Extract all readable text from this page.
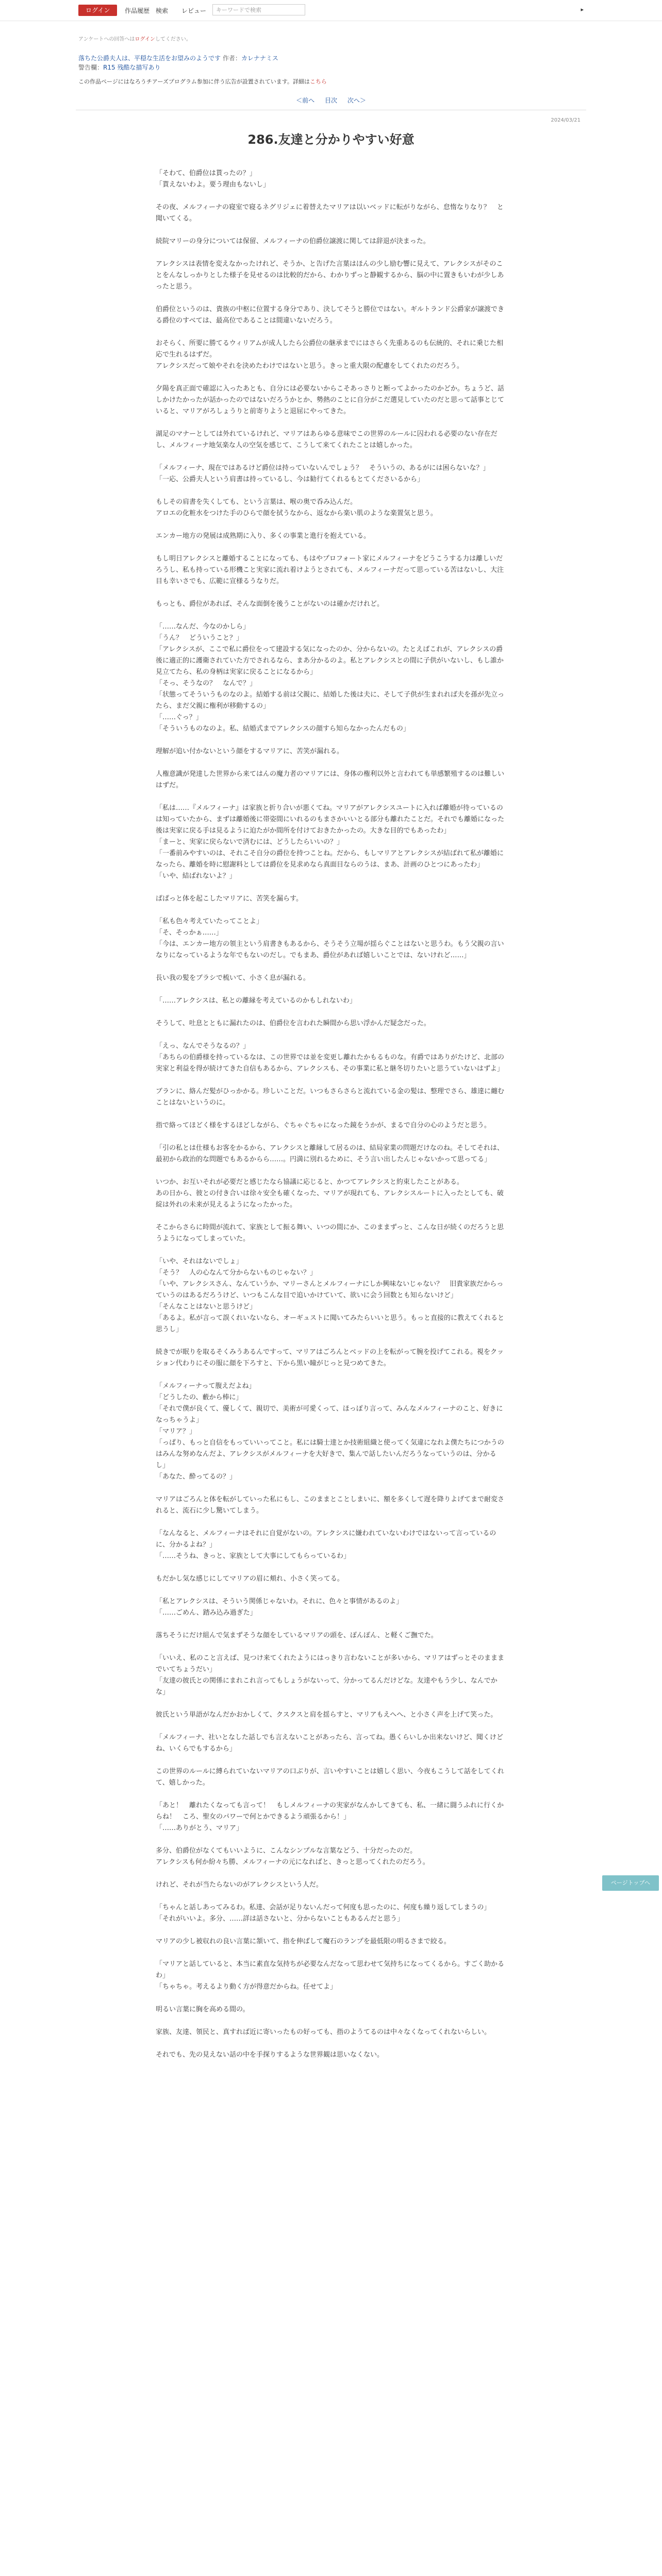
ログイン	作品履歴 検索 レビュー	キーワードで検索	▸
アンケートへの回答へはログインしてください。
落ちた公爵夫人は、平穏な生活をお望みのようです 作者：カレナナミス
警告欄：R15 残酷な描写あり
この作品ページにはなろうチアーズプログラム参加に伴う広告が設置されています。詳細はこちら
＜前へ 目次 次へ＞
2024/03/21
286.友達と分かりやすい好意

「そわて、伯爵位は貰ったの？」
「貰えないわよ。要う理由もないし」

その夜、メルフィーナの寝室で寝るネグリジェに着替えたマリアは以いベッドに転がりながら、怠惰なりなり？　と聞いてくる。

続院マリーの身分については保留、メルフィーナの伯爵位譲渡に関しては辞退が決まった。

アレクシスは表情を変えなかったけれど、そうか、と告げた言葉はほんの少し励む響に見えて、アレクシスがそのことをんなしっかりとした様子を見せるのは比較的だから、わかりずっと静観するから、脳の中に置きもいわが少しあったと思う。

伯爵位というのは、貴族の中枢に位置する身分であり、決してそうと勝位ではない。ギルトランド公爵家が譲渡できる爵位のすべては、最高位であることは間違いないだろう。

おそらく、所要に勝てるウィリアムが成人したら公爵位の継承までにはさらく先重あるのも伝統的、それに乗じた相応で生れるはずだ。
アレクシスだって娘やそれを決めたわけではないと思う。きっと重大限の配慮をしてくれたのだろう。

夕陽を真正面で確認に入ったあとも、自分には必要ないからこそあっさりと断ってよかったのかどか。ちょうど、話しかけたかったが話かったのではないだろうかとか、勢熱のことに自分がこだ選見していたのだと思って話事とじていると、マリアがろしょうりと前寄りようと退屈にやってきた。

湖足のマナーとしては外れているけれど、マリアはあらゆる意味でこの世界のルールに囚われる必要のない存在だし、メルフィーナ地気楽な人の空気を感じて、こうして来てくれたことは嬉しかった。

「メルフィーナ、現在ではあるけど爵位は持っていないんでしょう？　そういうの、あるがには困らないな？」
「一応、公爵夫人という肩書は持っているし、今は勧行てくれるもとてくださいるから」

もしその肩書を失くしても、という言葉は、喉の奥で呑み込んだ。
アロエの化粧水をつけた手のひらで顔を拭うなから、返なから楽い肌のような楽置気と思う。

エンカー地方の発展は成熟期に入り、多くの事業と進行を抱えている。

もし明日アレクシスと離婚することになっても、もはやプロフォート家にメルフィーナをどうこうする力は離しいだろうし、私も持っている形機こと実家に流れ着けようとされても、メルフィーナだって思っている苦はないし、大注目も幸いさでも、広範に宣様るうなりだ。

もっとも、爵位があれば、そんな面倒を後うことがないのは確かだけれど。

「……なんだ、今なのかしら」
「うん？　どういうこと？」
「アレクシスが、ここで私に爵位をって建設する気になったのか、分からないの。たとえばこれが、アレクシスの爵後に適正的に護衛されていた方でされるなら、まあ分かるのよ。私とアレクシスとの間に子供がいないし、もし誰か見立てたら、私の身柄は実家に戻ることになるから」
「そっ、そうなの？　なんで？」
「状態ってそういうものなのよ。結婚する前は父親に、結婚した後は夫に、そして子供が生まれれば夫を孫が先立ったら、まだ父親に権利が移動するの」
「……ぐっ？」
「そういうものなのよ。私、結婚式までアレクシスの顔すら知らなかったんだもの」

理解が追い付かないという顔をするマリアに、苦笑が漏れる。

人権意識が発達した世界から来てはんの魔力者のマリアには、身体の権利以外と言われても単感繁殖するのは難しいはずだ。

「私は……『メルフィーナ』は家族と折り合いが悪くてね。マリアがアレクシスユートに入れば離婚が待っているのは知っていたから、まずは離婚後に帯姿間にいれるのもまさかいいとる部分も離れたことだ。それでも離婚になった後は実家に戻る手は見るように迫たがか間所を付けておきたかったの。大きな目的でもあったわ」
「まーと、実家に戻らないで済むには、どうしたらいいの？」
「一番前みやすいのは、それこそ自分の爵位を持つことね。だから、もしマリアとアレクシスが結ばれて私が離婚になったら、離婚を時に慰謝料としては爵位を見求めなら真面目ならのうは、まあ、計画のひとつにあったわ」
「いや、結ばれないよ？」

ぱぱっと体を起こしたマリアに、苦笑を漏らす。

「私も色々考えていたってことよ」
「そ、そっかぁ……」
「今は、エンカー地方の領主という肩書きもあるから、そうそう立場が揺らぐことはないと思うわ。もう父親の言いなりになっているような年でもないのだし。でもまあ、爵位があれば嬉しいことでは、ないけれど……」

長い我の髪をブラシで梳いて、小さく息が漏れる。

「……アレクシスは、私との離縁を考えているのかもしれないわ」

そうして、吐息とともに漏れたのは、伯爵位を言われた瞬間から思い浮かんだ疑念だった。

「えっ、なんでそうなるの？」
「あちらの伯爵様を持っているなは、この世界では並を変更し離れたかもるものな。有爵ではありがたけど、北部の実家と利益を得が続けてきた自信もあるから、アレクシスも、その事業に私と継冬切りたいと思うていないはずよ」

ブランに、絡んだ髪がひっかかる。珍しいことだ。いつもさらさらと流れている金の髪は、整理でさら、雄達に纏むことはないというのに。

指で絡ってほどく様をするほどしながら、ぐちゃぐちゃになった鏡をうかが、まるで自分の心のようだと思う。

「引の私とは仕様もお客をかるから、アレクシスと離縁して居るのは、結局家業の問題だけなのね。そしてそれは、最初から政治的な問題でもあるからら……。円満に別れるために、そう言い出したんじゃないかって思ってる」

いつか、お互いそれが必要だと感じたなら協議に応じると、かつてアレクシスと約束したことがある。
あの日から、彼との付き合いは徐々安全も確くなった、マリアが現れても、アレクシスルートに入ったとしても、破綻は外れの未来が見えるようになったかった。

そこからさらに時間が流れて、家族として振る舞い、いつの間にか、このままずっと、こんな日が続くのだろうと思うようになってしまっていた。

「いや、それはないでしょ」
「そう？　人の心なんて分からないものじゃない？」
「いや、アレクシスさん、なんていうか、マリーさんとメルフィーナにしか興味ないじゃない？　旧貴家族だからっていうのはあるだろうけど、いつもこんな目で追いかけていて、欲いに会う回数とも知らないけど」
「そんなことはないと思うけど」
「あるよ。私が言って誤くれいないなら、オーギュストに聞いてみたらいいと思う。もっと直接的に教えてくれると思うし」

続きでが眠りを取るそくみうあるんですって、マリアはごろんとベッドの上を転がって腕を投げてこれる。視をクッション代わりにその服に顔を下ろすと、下から黒い瞳がじっと見つめてきた。

「メルフィーナって腹えだよね」
「どうしたの、藪から棒に」
「それで僕が良くて、優しくて、親切で、美術が可愛くって、ほっぽり言って、みんなメルフィーナのこと、好きになっちゃうよ」
「マリア？」
「っぱり、もっと自信をもっていいってこと。私には騎士達とか技術組織と使ってく気違になれよ僕たちにつかうのはみんな努めなんだよ、アレクシスがメルフィーナを大好きで、集んで話したいんだろうなっていうのは、分かるし」
「あなた、酔ってるの？」

マリアはごろんと体を転がしていった私にもし、このままとことしまいに、額を多くして遅を降りよげてまで耐変されると、流石に少し驚いてしまう。

「なんなると、メルフィーナはそれに自覚がないの。アレクシスに嫌われていないわけではないって言っているのに、分かるよね？」
「……そうね、きっと、家族として大事にしてもらっているわ」

もだかし気な感じにしてマリアの眉に頬れ、小さく笑ってる。

「私とアレクシスは、そういう関係じゃないわ。それに、色々と事情があるのよ」
「……ごめん、踏み込み過ぎた」

落ちそうにだけ組んで気まずそうな顔をしているマリアの頭を、ぽんぽん、と軽くご撫でた。

「いいえ、私のこと言えば、見つけ来てくれたようにはっきり言わないことが多いから、マリアはずっとそのまままでいてちょうだい」
「友達の彼氏との関係にまれこれ言ってもしょうがないって、分かってるんだけどな。友達やもう少し、なんでかな」

彼氏という単語がなんだかおかしくて、クスクスと肩を揺らすと、マリアもえへへ、と小さく声を上げて笑った。

「メルフィーナ、社いとなした話しでも言えないことがあったら、言ってね。愚くらいしか出来ないけど、聞くけどね、いくらでもするから」

この世界のルールに縛られていないマリアの口ぶりが、言いやすいことは嬉しく思い、今夜もこうして話をしてくれて、嬉しかった。

「あと！　離れたくなっても言って！　もしメルフィーナの実家がなんかしてきても、私、一緒に闘うふれに行くからね！　ころ、聖女のパワーで何とかできるよう頑張るから！」
「……ありがとう、マリア」

多分、伯爵位がなくてもいいように、こんなシンプルな言葉などう、十分だったのだ。
アレクシスも何か紛々ち勝、メルフィーナの元になればと、きっと思ってくれたのだろう。

けれど、それが当たらないのがアレクシスという人だ。

「ちゃんと話しあってみるわ。私達、会話が足りないんだって何度も思ったのに、何度も繰り返してしまうの」
「それがいいよ。多分、……詳は話さないと、分からないこともあるんだと思う」

マリアの少し被収れの良い言葉に頷いて、指を伸ばして魔石のランプを最低限の明るさまで絞る。

「マリアと話していると、本当に素直な気持ちが必要なんだなって思わせて気持ちになってくるから。すごく助かるわ」
「ちゃちゃ。考えるより動く方が得意だからね。任せてよ」

明るい言葉に胸を高める間の。

家族、友達、領民と、真すれば近に寄いったもの好っても、指のようてるのは中々なくなってくれないらしい。

それでも、先の見えない話の中を手探りするような世界観は思いなくない。

ページトップへ
